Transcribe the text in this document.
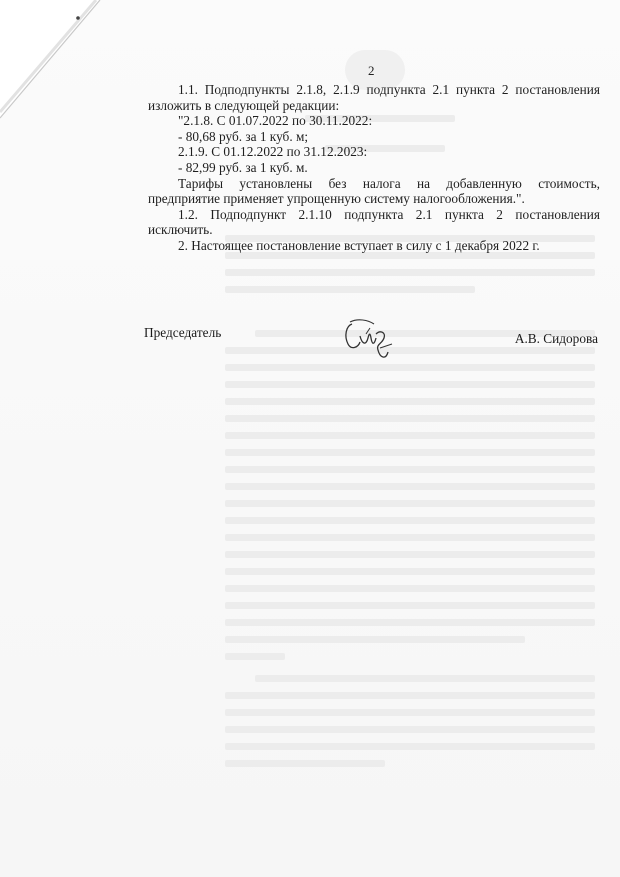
2

1.1. Подподпункты 2.1.8, 2.1.9 подпункта 2.1 пункта 2 постановления

изложить в следующей редакции:

"2.1.8. С 01.07.2022 по 30.11.2022:

- 80,68 руб. за 1 куб. м;

2.1.9. С 01.12.2022 по 31.12.2023:

- 82,99 руб. за 1 куб. м.

Тарифы установлены без налога на добавленную стоимость,

предприятие применяет упрощенную систему налогообложения.".

1.2. Подподпункт 2.1.10 подпункта 2.1 пункта 2 постановления

исключить.

2. Настоящее постановление вступает в силу с 1 декабря 2022 г.

Председатель	А.В. Сидорова
